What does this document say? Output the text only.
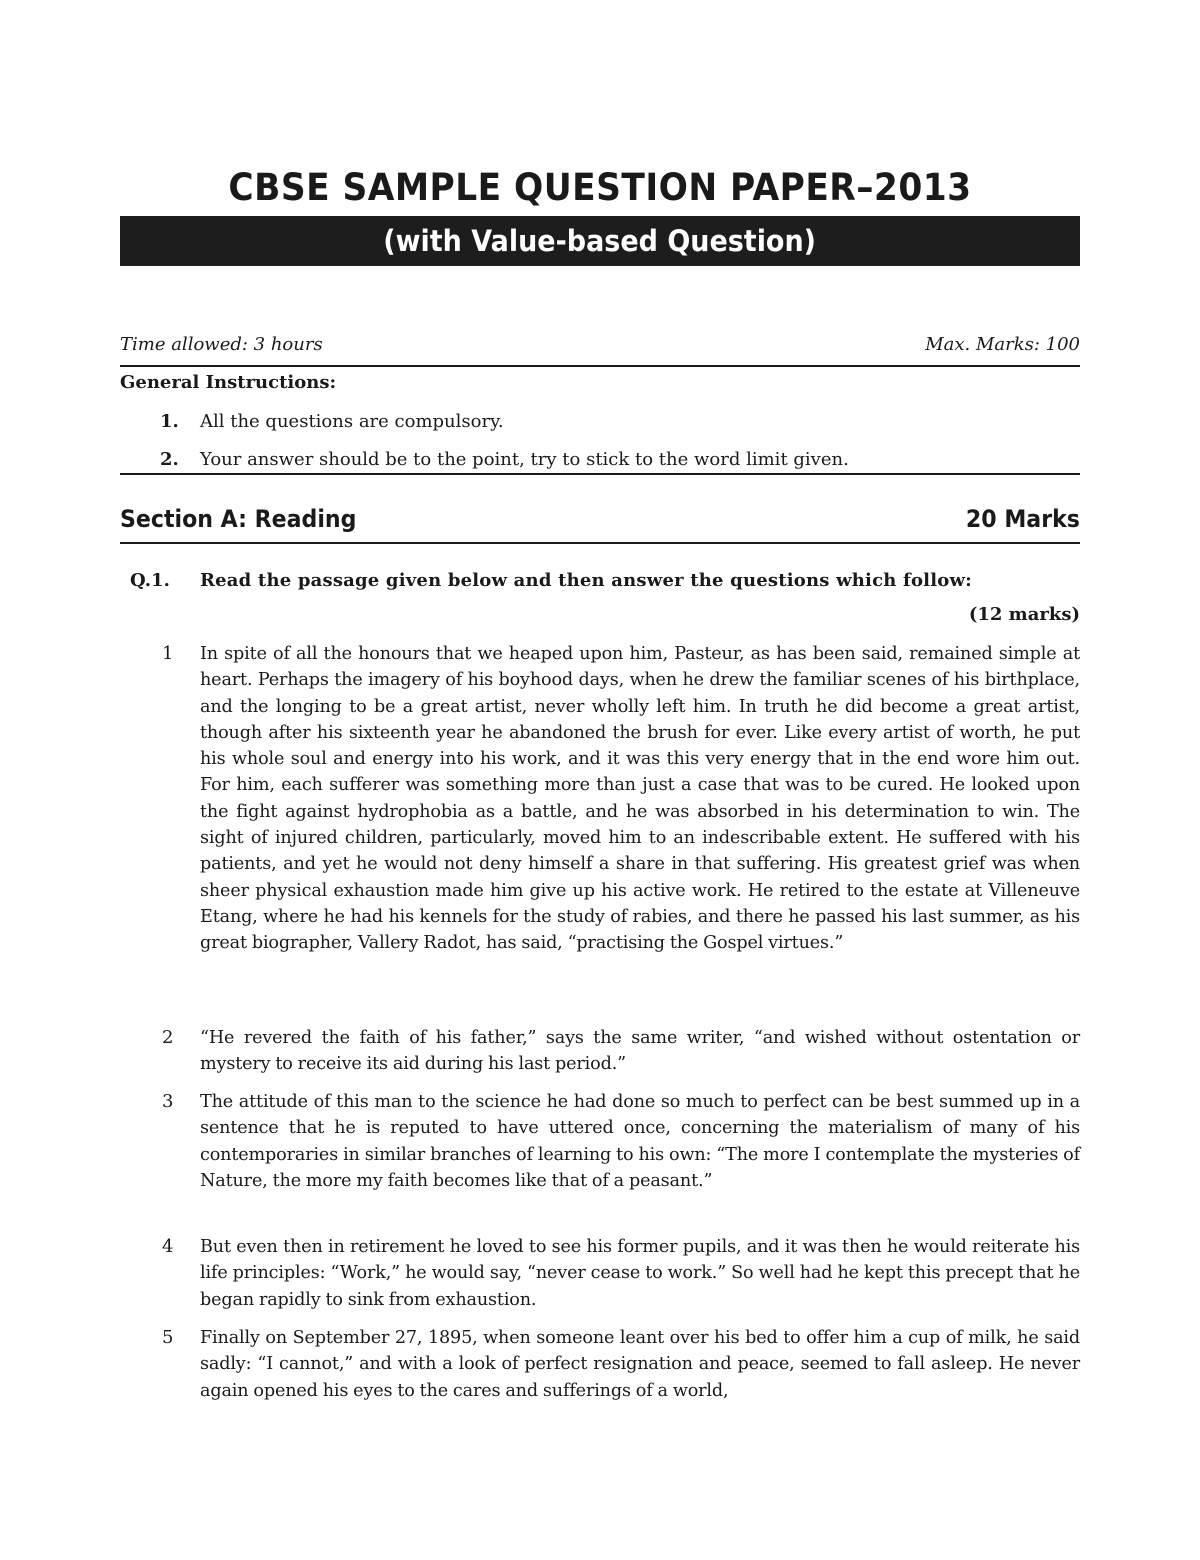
CBSE SAMPLE QUESTION PAPER–2013
(with Value-based Question)
Time allowed: 3 hours	Max. Marks: 100
General Instructions:
1. All the questions are compulsory.
2. Your answer should be to the point, try to stick to the word limit given.
Section A: Reading	20 Marks
Q.1. Read the passage given below and then answer the questions which follow:
(12 marks)
1	In spite of all the honours that we heaped upon him, Pasteur, as has been said, remained simple at heart. Perhaps the imagery of his boyhood days, when he drew the familiar scenes of his birthplace, and the longing to be a great artist, never wholly left him. In truth he did become a great artist, though after his sixteenth year he abandoned the brush for ever. Like every artist of worth, he put his whole soul and energy into his work, and it was this very energy that in the end wore him out. For him, each sufferer was something more than just a case that was to be cured. He looked upon the fight against hydrophobia as a battle, and he was absorbed in his determination to win. The sight of injured children, particularly, moved him to an indescribable extent. He suffered with his patients, and yet he would not deny himself a share in that suffering. His greatest grief was when sheer physical exhaustion made him give up his active work. He retired to the estate at Villeneuve Etang, where he had his kennels for the study of rabies, and there he passed his last summer, as his great biographer, Vallery Radot, has said, “practising the Gospel virtues.”
2	“He revered the faith of his father,” says the same writer, “and wished without ostentation or mystery to receive its aid during his last period.”
3	The attitude of this man to the science he had done so much to perfect can be best summed up in a sentence that he is reputed to have uttered once, concerning the materialism of many of his contemporaries in similar branches of learning to his own: “The more I contemplate the mysteries of Nature, the more my faith becomes like that of a peasant.”
4	But even then in retirement he loved to see his former pupils, and it was then he would reiterate his life principles: “Work,” he would say, “never cease to work.” So well had he kept this precept that he began rapidly to sink from exhaustion.
5	Finally on September 27, 1895, when someone leant over his bed to offer him a cup of milk, he said sadly: “I cannot,” and with a look of perfect resignation and peace, seemed to fall asleep. He never again opened his eyes to the cares and sufferings of a world,
